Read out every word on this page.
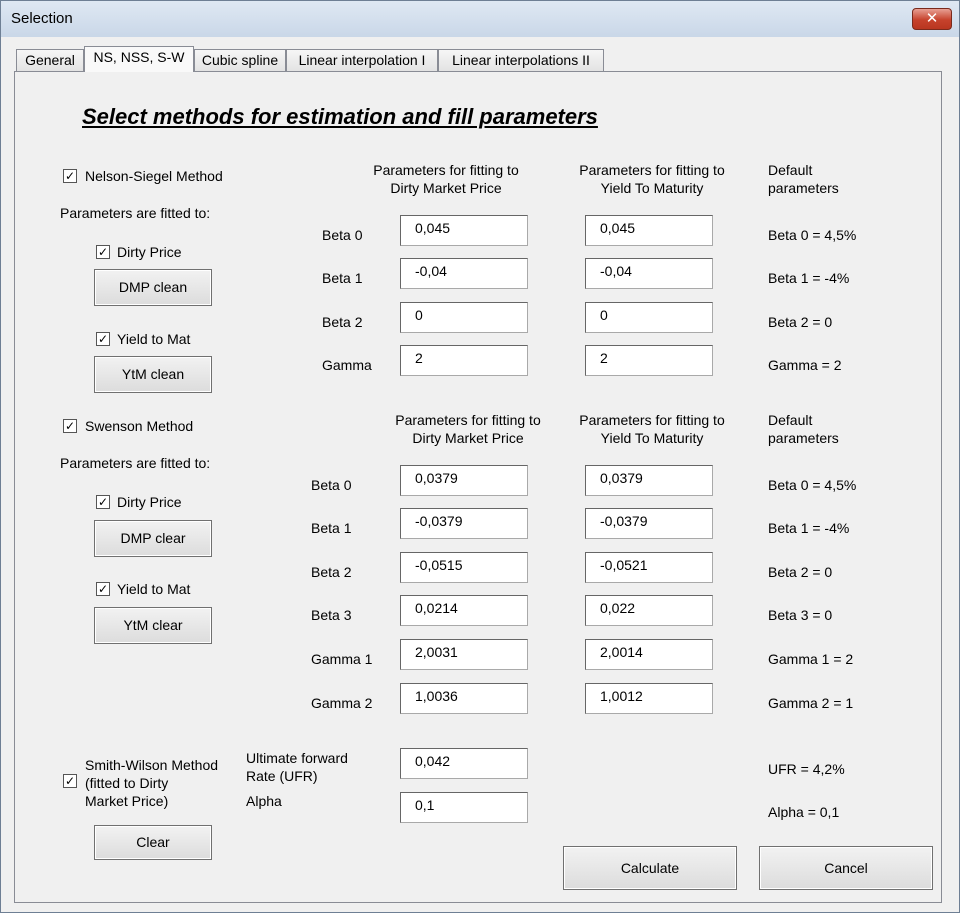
Selection	✕
General	NS, NSS, S-W	Cubic spline	Linear interpolation I	Linear interpolations II
Select methods for estimation and fill parameters
✓ Nelson-Siegel Method
Parameters are fitted to:
✓ Dirty Price
DMP clean
✓ Yield to Mat
YtM clean
Parameters for fitting to
Dirty Market Price
Parameters for fitting to
Yield To Maturity
Default
parameters
Beta 0	0,045	0,045	Beta 0 = 4,5%
Beta 1	-0,04	-0,04	Beta 1 = -4%
Beta 2	0	0	Beta 2 = 0
Gamma	2	2	Gamma = 2
✓ Swenson Method
Parameters are fitted to:
✓ Dirty Price
DMP clear
✓ Yield to Mat
YtM clear
Parameters for fitting to
Dirty Market Price
Parameters for fitting to
Yield To Maturity
Default
parameters
Beta 0	0,0379	0,0379	Beta 0 = 4,5%
Beta 1	-0,0379	-0,0379	Beta 1 = -4%
Beta 2	-0,0515	-0,0521	Beta 2 = 0
Beta 3	0,0214	0,022	Beta 3 = 0
Gamma 1	2,0031	2,0014	Gamma 1 = 2
Gamma 2	1,0036	1,0012	Gamma 2 = 1
✓
Smith-Wilson Method
(fitted to Dirty
Market Price)
Ultimate forward
Rate (UFR)
0,042	UFR = 4,2%
Alpha	0,1	Alpha = 0,1
Clear
Calculate	Cancel
